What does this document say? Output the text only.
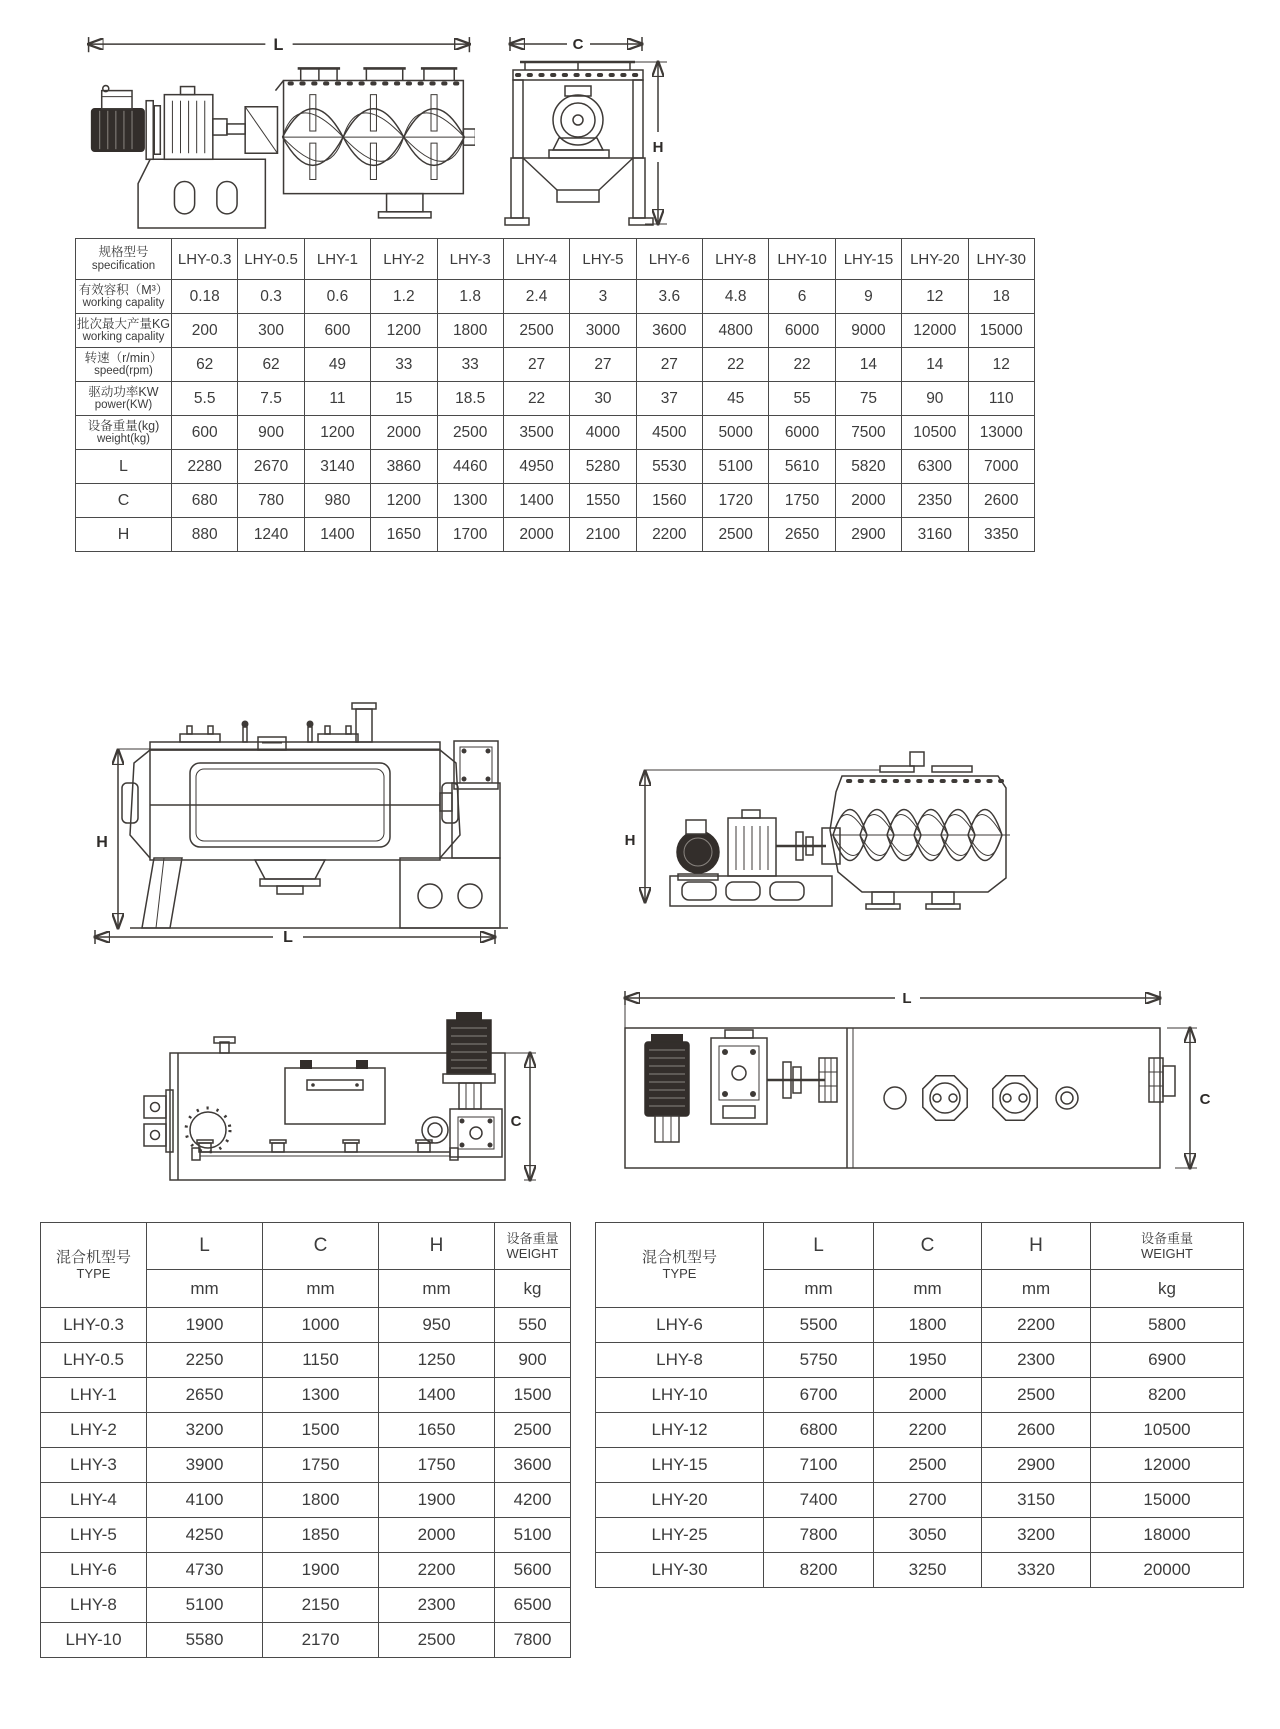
L	C
H
规格型号
specification	LHY-0.3	LHY-0.5	LHY-1	LHY-2	LHY-3	LHY-4	LHY-5	LHY-6	LHY-8	LHY-10	LHY-15	LHY-20	LHY-30

有效容积（M³）
working capality	0.18	0.3	0.6	1.2	1.8	2.4	3	3.6	4.8	6	9	12	18

批次最大产量KG
working capality	200	300	600	1200	1800	2500	3000	3600	4800	6000	9000	12000	15000

转速（r/min）
speed(rpm)	62	62	49	33	33	27	27	27	22	22	14	14	12

驱动功率KW
power(KW)	5.5	7.5	11	15	18.5	22	30	37	45	55	75	90	110

设备重量(kg)
weight(kg)	600	900	1200	2000	2500	3500	4000	4500	5000	6000	7500	10500	13000
L	2280	2670	3140	3860	4460	4950	5280	5530	5100	5610	5820	6300	7000
C	680	780	980	1200	1300	1400	1550	1560	1720	1750	2000	2350	2600
H	880	1240	1400	1650	1700	2000	2100	2200	2500	2650	2900	3160	3350
H
L
H
C
L
C
混合机型号
TYPE
	L	C	H	设备重量
WEIGHT

	mm	mm	mm	kg
LHY-0.3	1900	1000	950	550
LHY-0.5	2250	1150	1250	900
LHY-1	2650	1300	1400	1500
LHY-2	3200	1500	1650	2500
LHY-3	3900	1750	1750	3600
LHY-4	4100	1800	1900	4200
LHY-5	4250	1850	2000	5100
LHY-6	4730	1900	2200	5600
LHY-8	5100	2150	2300	6500
LHY-10	5580	2170	2500	7800
混合机型号
TYPE
	L	C	H	设备重量
WEIGHT

	mm	mm	mm	kg
LHY-6	5500	1800	2200	5800
LHY-8	5750	1950	2300	6900
LHY-10	6700	2000	2500	8200
LHY-12	6800	2200	2600	10500
LHY-15	7100	2500	2900	12000
LHY-20	7400	2700	3150	15000
LHY-25	7800	3050	3200	18000
LHY-30	8200	3250	3320	20000
